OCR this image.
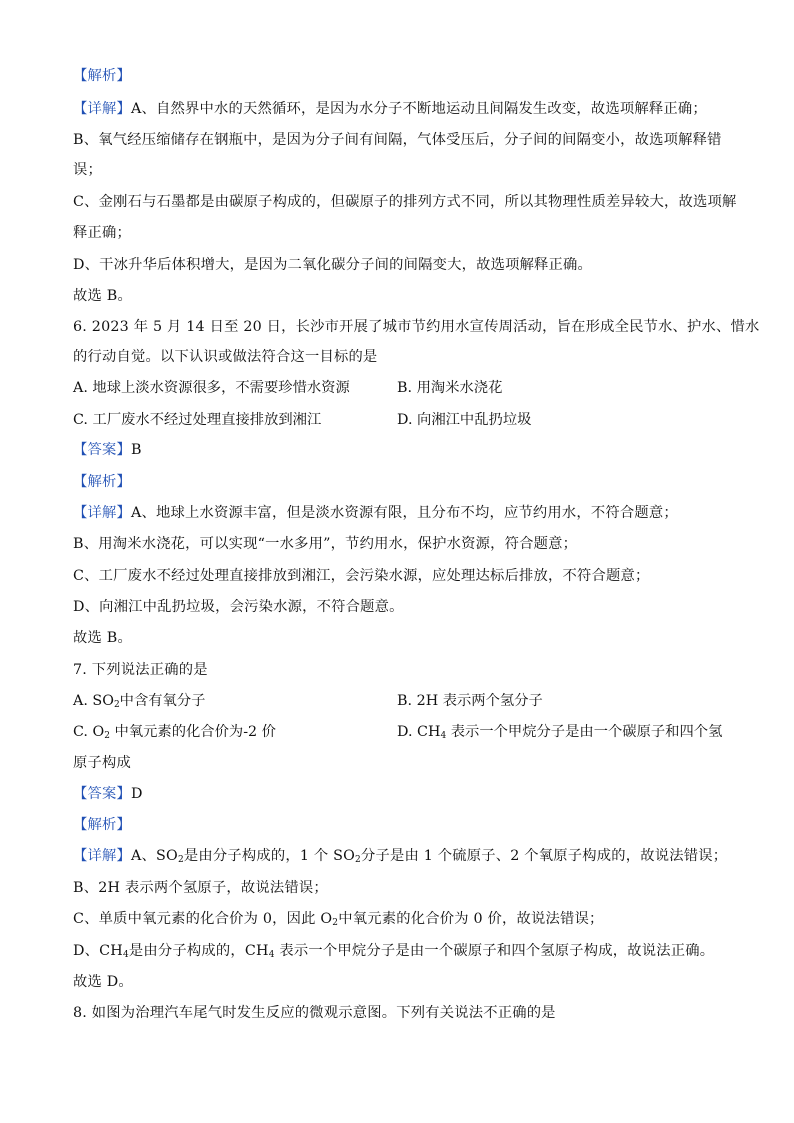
【解析】
【详解】A、自然界中水的天然循环，是因为水分子不断地运动且间隔发生改变，故选项解释正确；
B、氧气经压缩储存在钢瓶中，是因为分子间有间隔，气体受压后，分子间的间隔变小，故选项解释错
误；
C、金刚石与石墨都是由碳原子构成的，但碳原子的排列方式不同，所以其物理性质差异较大，故选项解
释正确；
D、干冰升华后体积增大，是因为二氧化碳分子间的间隔变大，故选项解释正确。
故选 B。
6. 2023 年 5 月 14 日至 20 日，长沙市开展了城市节约用水宣传周活动，旨在形成全民节水、护水、惜水
的行动自觉。以下认识或做法符合这一目标的是
A. 地球上淡水资源很多，不需要珍惜水资源	B. 用淘米水浇花
C. 工厂废水不经过处理直接排放到湘江	D. 向湘江中乱扔垃圾
【答案】B
【解析】
【详解】A、地球上水资源丰富，但是淡水资源有限，且分布不均，应节约用水，不符合题意；
B、用淘米水浇花，可以实现“一水多用”，节约用水，保护水资源，符合题意；
C、工厂废水不经过处理直接排放到湘江，会污染水源，应处理达标后排放，不符合题意；
D、向湘江中乱扔垃圾，会污染水源，不符合题意。
故选 B。
7. 下列说法正确的是
A. $SO_2$中含有氧分子	B. 2H 表示两个氢分子
C. $O_2$ 中氧元素的化合价为-2 价	D. $CH_4$ 表示一个甲烷分子是由一个碳原子和四个氢
原子构成
【答案】D
【解析】
【详解】A、$SO_2$是由分子构成的，1 个 $SO_2$分子是由 1 个硫原子、2 个氧原子构成的，故说法错误；
B、2H 表示两个氢原子，故说法错误；
C、单质中氧元素的化合价为 0，因此 $O_2$中氧元素的化合价为 0 价，故说法错误；
D、$CH_4$是由分子构成的，$CH_4$ 表示一个甲烷分子是由一个碳原子和四个氢原子构成，故说法正确。
故选 D。
8. 如图为治理汽车尾气时发生反应的微观示意图。下列有关说法不正确的是
